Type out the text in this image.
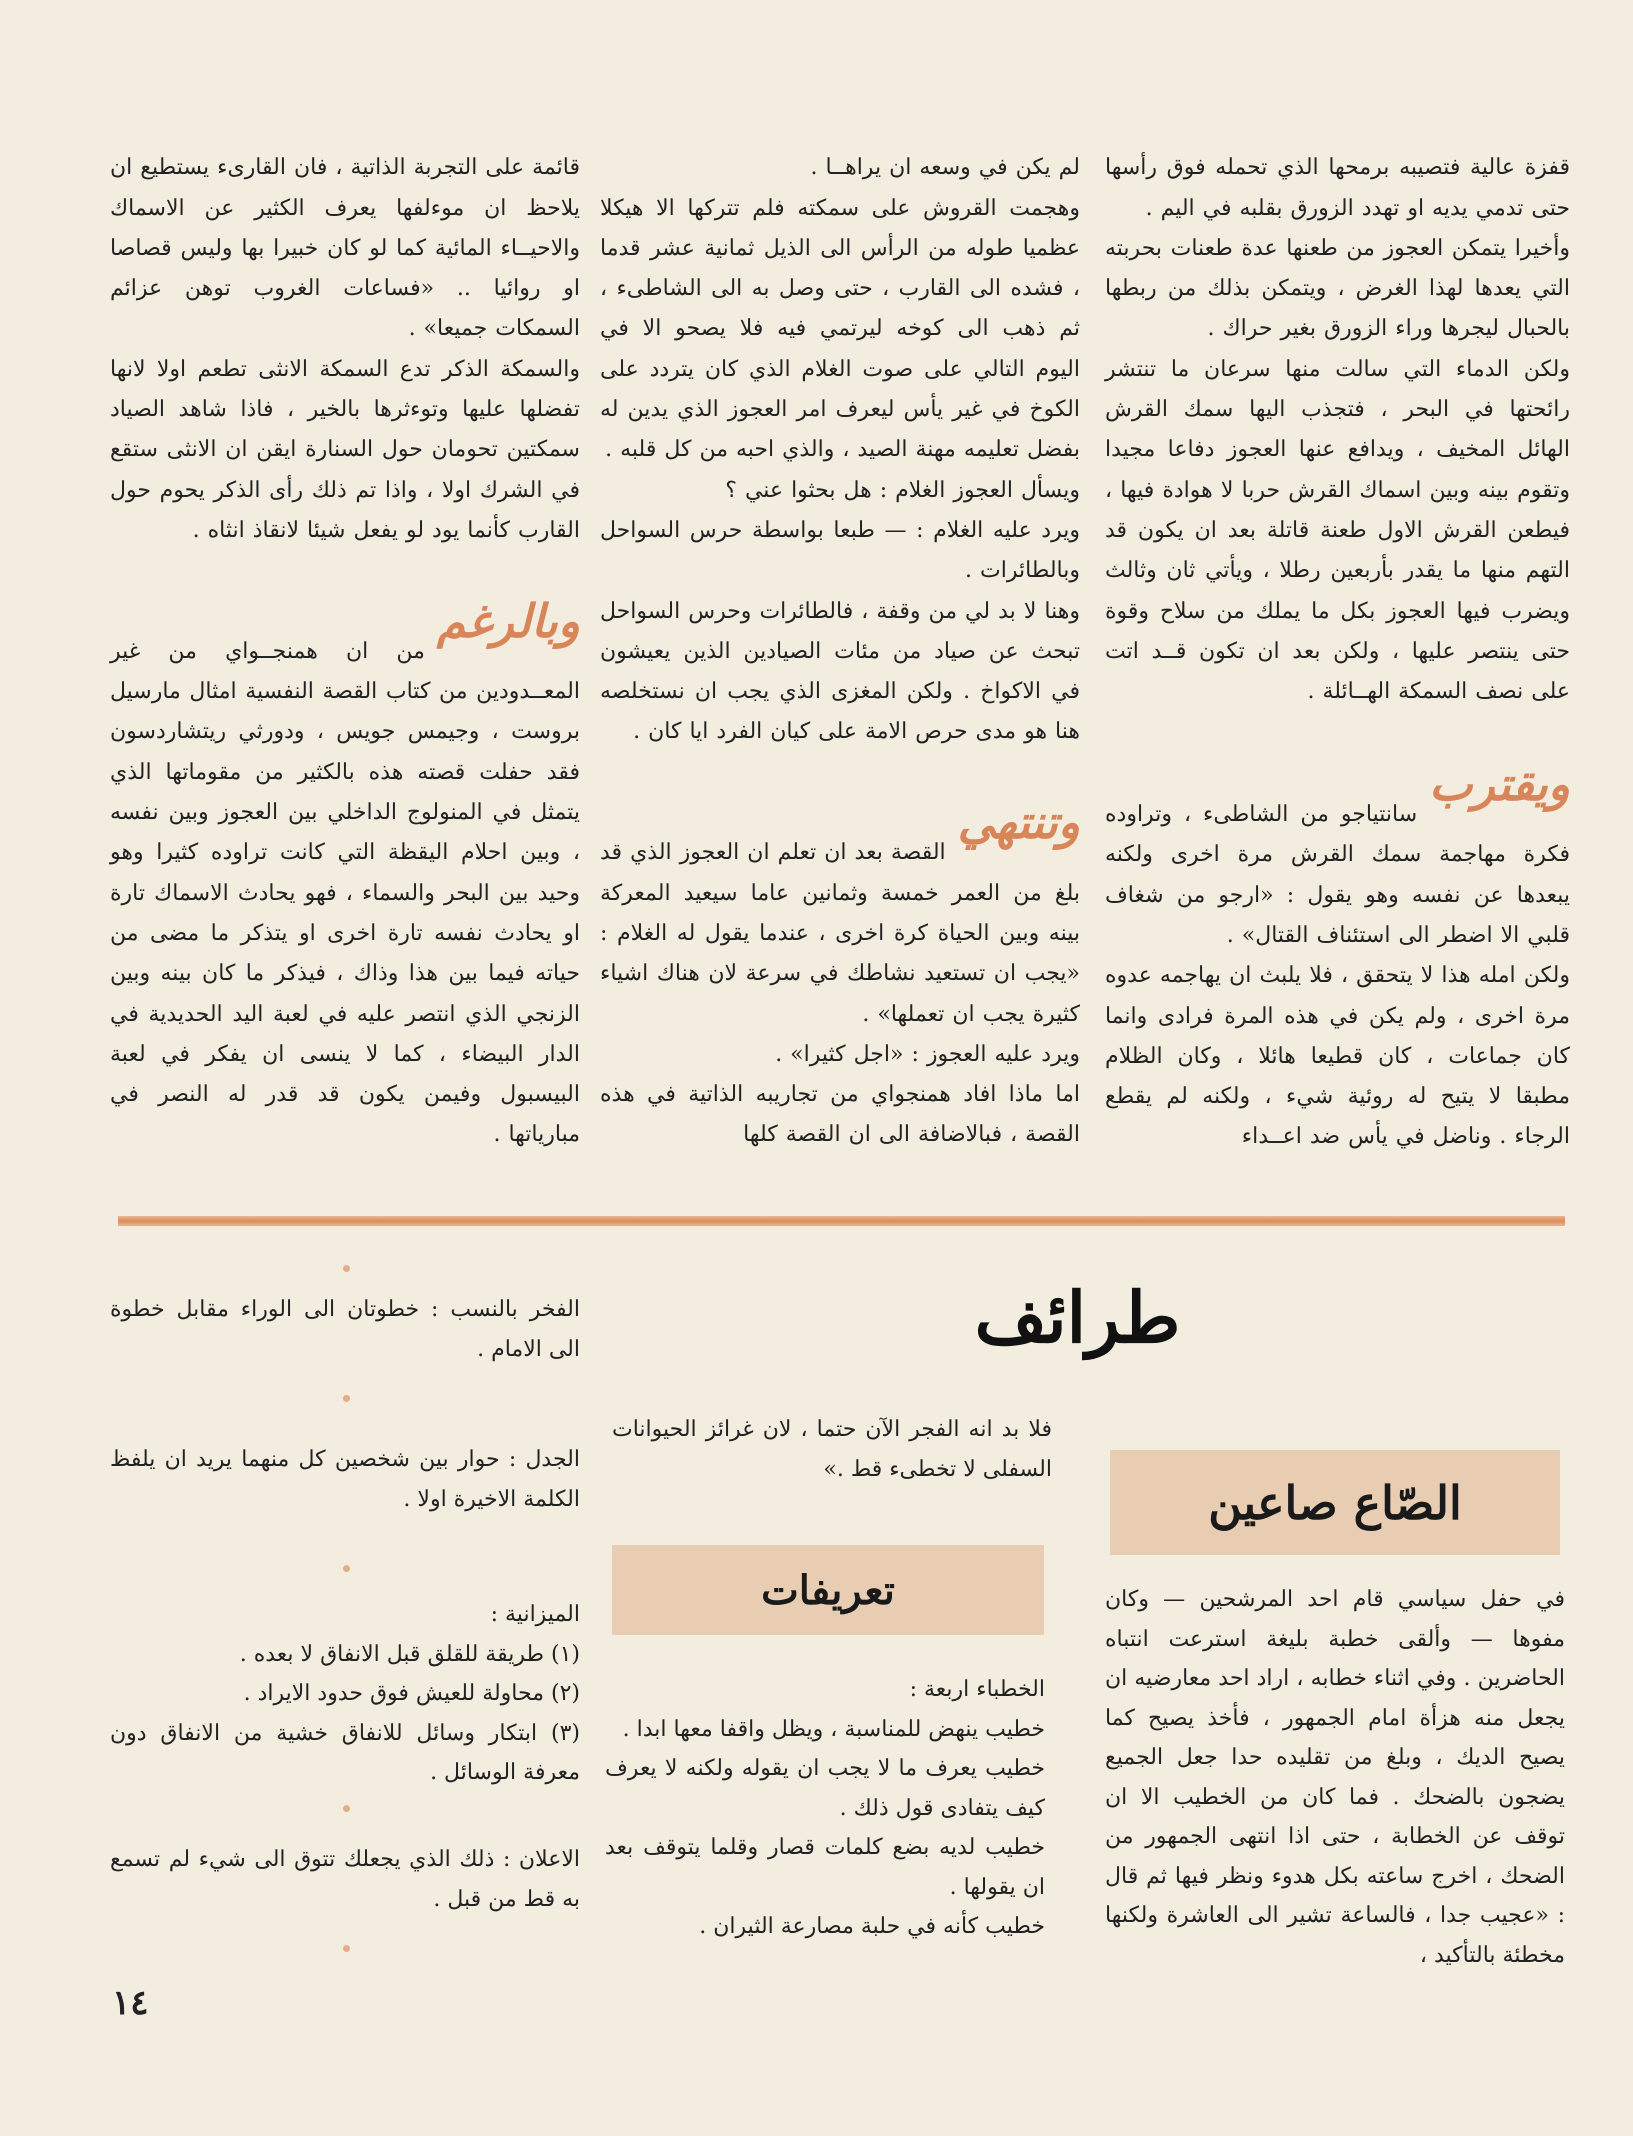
قفزة عالية فتصيبه برمحها الذي تحمله فوق رأسها حتى تدمي يديه او تهدد الزورق بقلبه في اليم .
وأخيرا يتمكن العجوز من طعنها عدة طعنات بحربته التي يعدها لهذا الغرض ، ويتمكن بذلك من ربطها بالحبال ليجرها وراء الزورق بغير حراك .
ولكن الدماء التي سالت منها سرعان ما تنتشر رائحتها في البحر ، فتجذب اليها سمك القرش الهائل المخيف ، ويدافع عنها العجوز دفاعا مجيدا وتقوم بينه وبين اسماك القرش حربا لا هوادة فيها ، فيطعن القرش الاول طعنة قاتلة بعد ان يكون قد التهم منها ما يقدر بأربعين رطلا ، ويأتي ثان وثالث ويضرب فيها العجوز بكل ما يملك من سلاح وقوة حتى ينتصر عليها ، ولكن بعد ان تكون قــد اتت على نصف السمكة الهــائلة .

ويقترب

سانتياجو من الشاطىء ، وتراوده فكرة مهاجمة سمك القرش مرة اخرى ولكنه يبعدها عن نفسه وهو يقول : «ارجو من شغاف قلبي الا اضطر الى استئناف القتال» .
ولكن امله هذا لا يتحقق ، فلا يلبث ان يهاجمه عدوه مرة اخرى ، ولم يكن في هذه المرة فرادى وانما كان جماعات ، كان قطيعا هائلا ، وكان الظلام مطبقا لا يتيح له روئية شيء ، ولكنه لم يقطع الرجاء . وناضل في يأس ضد اعــداء

لم يكن في وسعه ان يراهــا .
وهجمت القروش على سمكته فلم تتركها الا هيكلا عظميا طوله من الرأس الى الذيل ثمانية عشر قدما ، فشده الى القارب ، حتى وصل به الى الشاطىء ، ثم ذهب الى كوخه ليرتمي فيه فلا يصحو الا في اليوم التالي على صوت الغلام الذي كان يتردد على الكوخ في غير يأس ليعرف امر العجوز الذي يدين له بفضل تعليمه مهنة الصيد ، والذي احبه من كل قلبه .
ويسأل العجوز الغلام : هل بحثوا عني ؟
ويرد عليه الغلام : — طبعا بواسطة حرس السواحل وبالطائرات .
وهنا لا بد لي من وقفة ، فالطائرات وحرس السواحل تبحث عن صياد من مئات الصيادين الذين يعيشون في الاكواخ . ولكن المغزى الذي يجب ان نستخلصه هنا هو مدى حرص الامة على كيان الفرد ايا كان .

وتنتهي

القصة بعد ان تعلم ان العجوز الذي قد بلغ من العمر خمسة وثمانين عاما سيعيد المعركة بينه وبين الحياة كرة اخرى ، عندما يقول له الغلام : «يجب ان تستعيد نشاطك في سرعة لان هناك اشياء كثيرة يجب ان تعملها» .
ويرد عليه العجوز : «اجل كثيرا» .
اما ماذا افاد همنجواي من تجاريبه الذاتية في هذه القصة ، فبالاضافة الى ان القصة كلها

قائمة على التجربة الذاتية ، فان القارىء يستطيع ان يلاحظ ان موءلفها يعرف الكثير عن الاسماك والاحيــاء المائية كما لو كان خبيرا بها وليس قصاصا او روائيا .. «فساعات الغروب توهن عزائم السمكات جميعا» .
والسمكة الذكر تدع السمكة الانثى تطعم اولا لانها تفضلها عليها وتوءثرها بالخير ، فاذا شاهد الصياد سمكتين تحومان حول السنارة ايقن ان الانثى ستقع في الشرك اولا ، واذا تم ذلك رأى الذكر يحوم حول القارب كأنما يود لو يفعل شيئا لانقاذ انثاه .

وبالرغم

من ان همنجــواي من غير المعــدودين من كتاب القصة النفسية امثال مارسيل بروست ، وجيمس جويس ، ودورثي ريتشاردسون فقد حفلت قصته هذه بالكثير من مقوماتها الذي يتمثل في المنولوج الداخلي بين العجوز وبين نفسه ، وبين احلام اليقظة التي كانت تراوده كثيرا وهو وحيد بين البحر والسماء ، فهو يحادث الاسماك تارة او يحادث نفسه تارة اخرى او يتذكر ما مضى من حياته فيما بين هذا وذاك ، فيذكر ما كان بينه وبين الزنجي الذي انتصر عليه في لعبة اليد الحديدية في الدار البيضاء ، كما لا ينسى ان يفكر في لعبة البيسبول وفيمن يكون قد قدر له النصر في مبارياتها .

طرائف
الصّاع صاعين
في حفل سياسي قام احد المرشحين — وكان مفوها — وألقى خطبة بليغة استرعت انتباه الحاضرين . وفي اثناء خطابه ، اراد احد معارضيه ان يجعل منه هزأة امام الجمهور ، فأخذ يصيح كما يصيح الديك ، وبلغ من تقليده حدا جعل الجميع يضجون بالضحك . فما كان من الخطيب الا ان توقف عن الخطابة ، حتى اذا انتهى الجمهور من الضحك ، اخرج ساعته بكل هدوء ونظر فيها ثم قال : «عجيب جدا ، فالساعة تشير الى العاشرة ولكنها مخطئة بالتأكيد ،
فلا بد انه الفجر الآن حتما ، لان غرائز الحيوانات السفلى لا تخطىء قط .»
تعريفات
الخطباء اربعة :
خطيب ينهض للمناسبة ، ويظل واقفا معها ابدا .
خطيب يعرف ما لا يجب ان يقوله ولكنه لا يعرف كيف يتفادى قول ذلك .
خطيب لديه بضع كلمات قصار وقلما يتوقف بعد ان يقولها .
خطيب كأنه في حلبة مصارعة الثيران .
الفخر بالنسب : خطوتان الى الوراء مقابل خطوة الى الامام .
الجدل : حوار بين شخصين كل منهما يريد ان يلفظ الكلمة الاخيرة اولا .
الميزانية :
(١) طريقة للقلق قبل الانفاق لا بعده .
(٢) محاولة للعيش فوق حدود الايراد .
(٣) ابتكار وسائل للانفاق خشية من الانفاق دون معرفة الوسائل .
الاعلان : ذلك الذي يجعلك تتوق الى شيء لم تسمع به قط من قبل .
١٤
